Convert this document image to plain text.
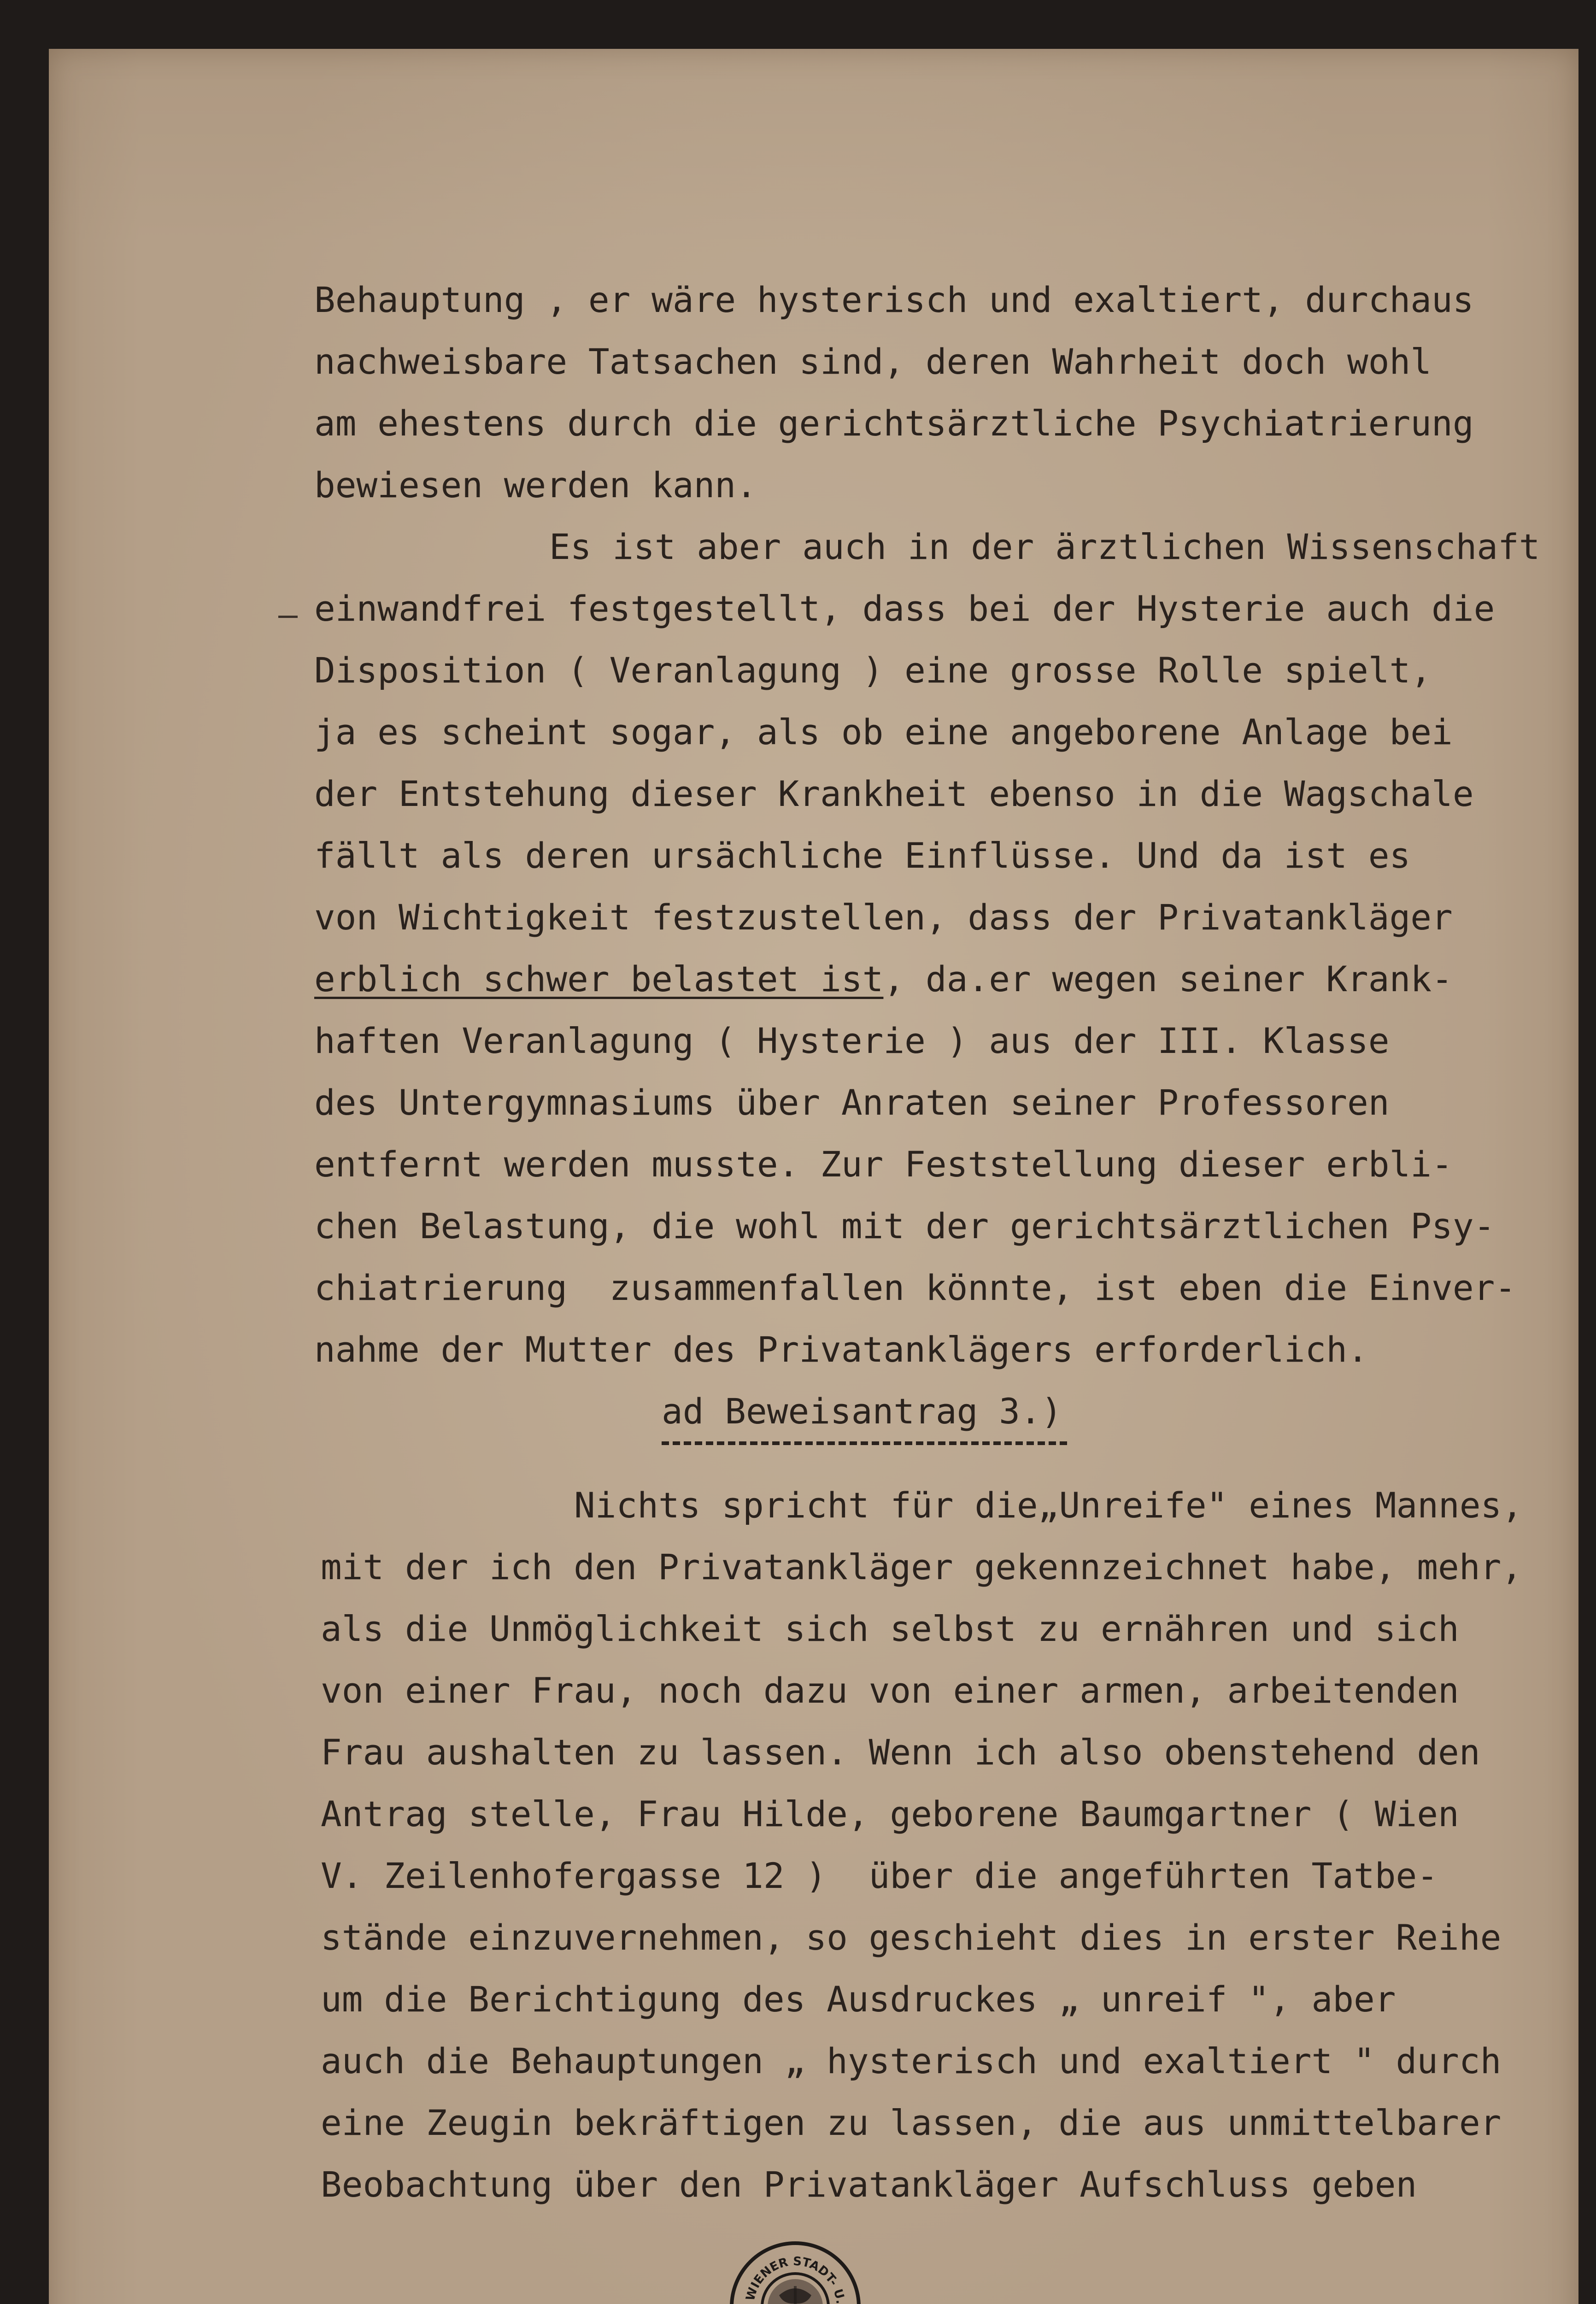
Behauptung , er wäre hysterisch und exaltiert, durchaus
nachweisbare Tatsachen sind, deren Wahrheit doch wohl
am ehestens durch die gerichtsärztliche Psychiatrierung
bewiesen werden kann.
Es ist aber auch in der ärztlichen Wissenschaft
einwandfrei festgestellt, dass bei der Hysterie auch die
Disposition ( Veranlagung ) eine grosse Rolle spielt,
ja es scheint sogar, als ob eine angeborene Anlage bei
der Entstehung dieser Krankheit ebenso in die Wagschale
fällt als deren ursächliche Einflüsse. Und da ist es
von Wichtigkeit festzustellen, dass der Privatankläger
erblich schwer belastet ist, da.er wegen seiner Krank-
haften Veranlagung ( Hysterie ) aus der III. Klasse
des Untergymnasiums über Anraten seiner Professoren
entfernt werden musste. Zur Feststellung dieser erbli-
chen Belastung, die wohl mit der gerichtsärztlichen Psy-
chiatrierung  zusammenfallen könnte, ist eben die Einver-
nahme der Mutter des Privatanklägers erforderlich.
ad Beweisantrag 3.)
Nichts spricht für die„Unreife" eines Mannes,
mit der ich den Privatankläger gekennzeichnet habe, mehr,
als die Unmöglichkeit sich selbst zu ernähren und sich
von einer Frau, noch dazu von einer armen, arbeitenden
Frau aushalten zu lassen. Wenn ich also obenstehend den
Antrag stelle, Frau Hilde, geborene Baumgartner ( Wien
V. Zeilenhofergasse 12 )  über die angeführten Tatbe-
stände einzuvernehmen, so geschieht dies in erster Reihe
um die Berichtigung des Ausdruckes „ unreif ", aber
auch die Behauptungen „ hysterisch und exaltiert " durch
eine Zeugin bekräftigen zu lassen, die aus unmittelbarer
Beobachtung über den Privatankläger Aufschluss geben
WIENER STADT- U.
